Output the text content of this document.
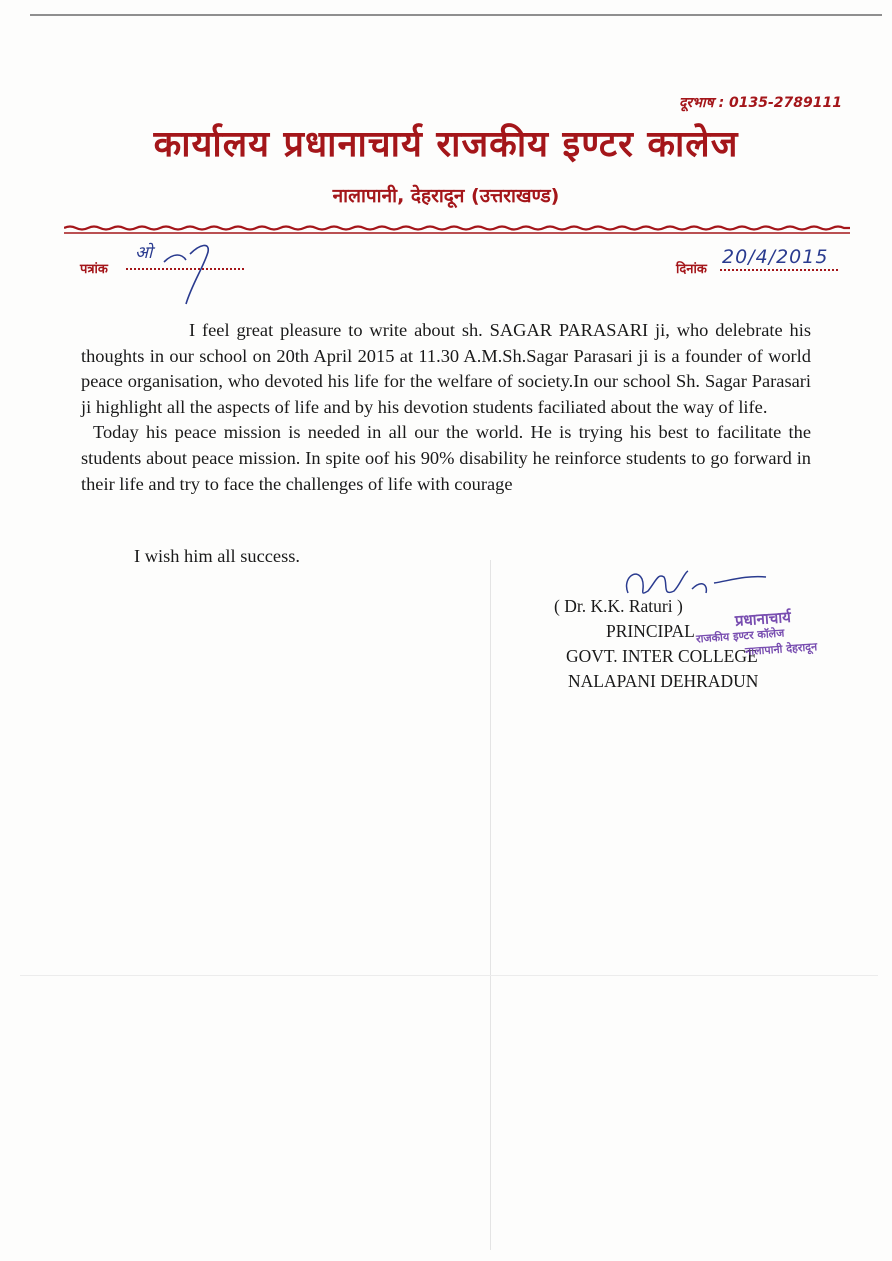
दूरभाष : 0135-2789111
कार्यालय प्रधानाचार्य राजकीय इण्टर कालेज
नालापानी, देहरादून (उत्तराखण्ड)
पत्रांक
ओ
दिनांक
20/4/2015

I feel great pleasure to write about sh. SAGAR PARASARI ji, who delebrate his thoughts in our school on 20th April 2015 at 11.30 A.M.Sh.Sagar Parasari ji is a founder of world peace organisation, who devoted his life for the welfare of society.In our school Sh. Sagar Parasari ji highlight all the aspects of life and by his devotion students faciliated about the way of life.

Today his peace mission is needed in all our the world. He is trying his best to facilitate the students about peace mission. In spite oof his 90% disability he reinforce students to go forward in their life and try to face the challenges of life with courage

I wish him all success.
( Dr. K.K. Raturi )
PRINCIPAL
GOVT. INTER COLLEGE
NALAPANI DEHRADUN
प्रधानाचार्य
राजकीय इण्टर कॉलेज
नालापानी देहरादून
